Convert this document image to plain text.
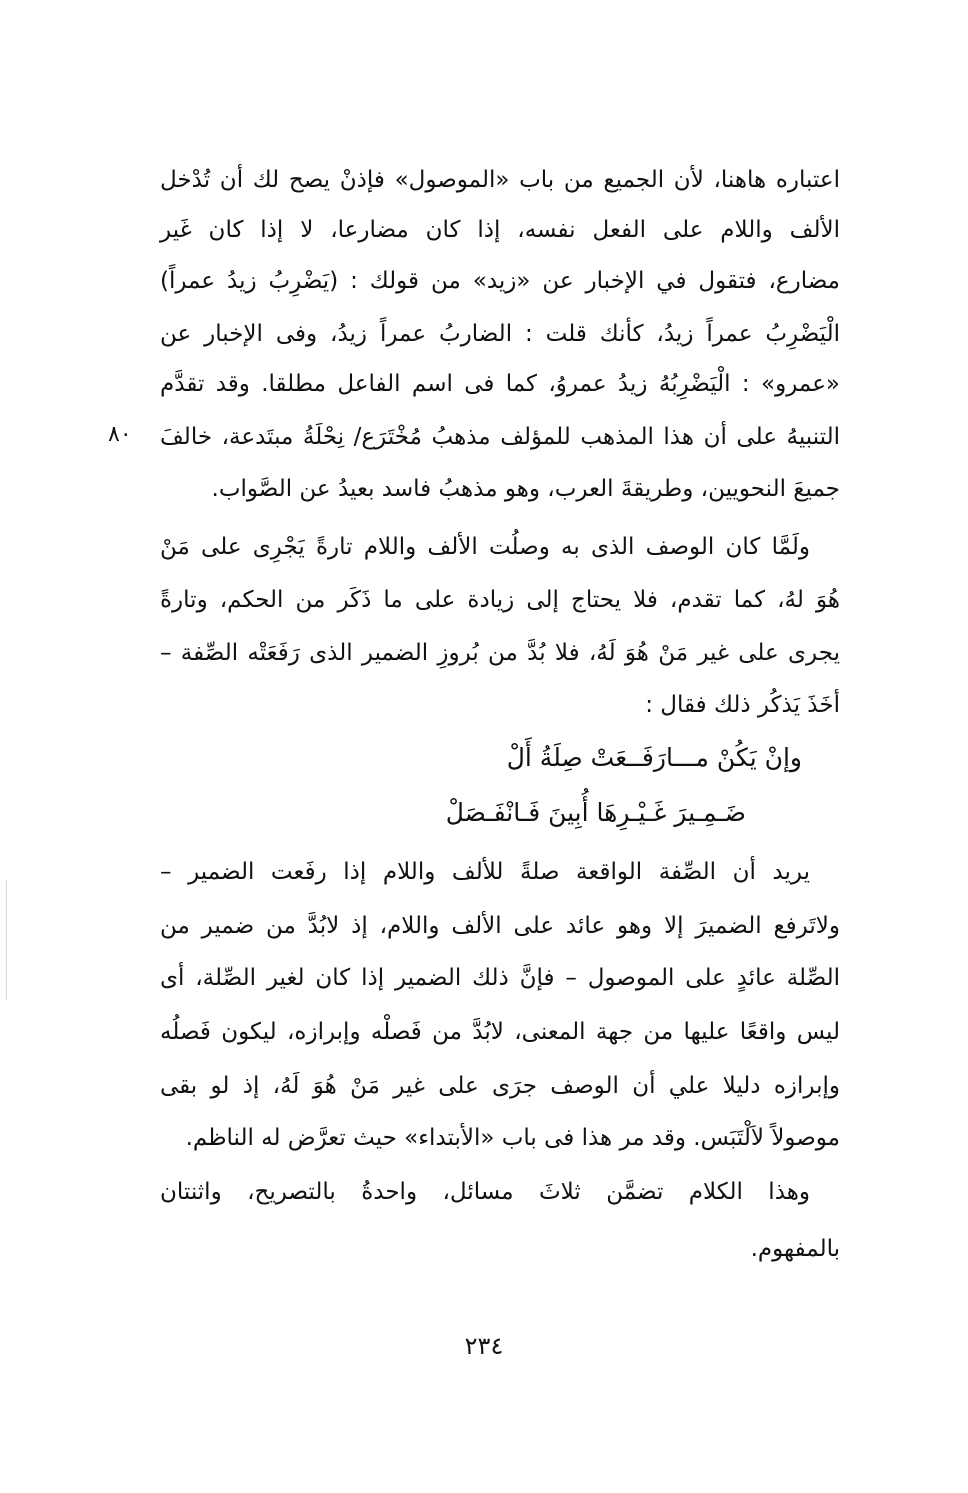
اعتباره هاهنا، لأن الجميع من باب «الموصول» فإذنْ يصح لك أن تُدْخل
الألف واللام على الفعل نفسه، إذا كان مضارعا، لا إذا كان غَير
مضارع، فتقول في الإخبار عن «زيد» من قولك : (يَضْرِبُ زيدُ عمراً)
الْيَضْرِبُ عمراً زيدُ، كأنك قلت : الضاربُ عمراً زيدُ، وفى الإخبار عن
«عمرو» : الْيَضْرِبُهُ زيدُ عمروُ، كما فى اسم الفاعل مطلقا. وقد تقدَّم
التنبيهُ على أن هذا المذهب للمؤلف مذهبُ مُخْتَرَع/ نِحْلَةُ مبتَدعة، خالفَ
جميعَ النحويين، وطريقةَ العرب، وهو مذهبُ فاسد بعيدُ عن الصَّواب.
ولَمَّا كان الوصف الذى به وصلُت الألف واللام تارةً يَجْرِى على مَنْ
هُوَ لهُ، كما تقدم، فلا يحتاج إلى زيادة على ما ذَكَر من الحكم، وتارةً
يجرى على غير مَنْ هُوَ لَهُ، فلا بُدَّ من بُروزِ الضمير الذى رَفَعَتْه الصِّفة –
أخَذَ يَذكُر ذلك فقال :
يريد أن الصِّفة الواقعة صلةً للألف واللام إذا رفَعت الضمير –
ولاتَرفع الضميرَ إلا وهو عائد على الألف واللام، إذ لابُدَّ من ضمير من
الصِّلة عائدٍ على الموصول – فإنَّ ذلك الضمير إذا كان لغير الصِّلة، أى
ليس واقعًا عليها من جهة المعنى، لابُدَّ من فَصلْه وإبرازه، ليكون فَصلُه
وإبرازه دليلا علي أن الوصف جرَى على غير مَنْ هُوَ لَهُ، إذ لو بقى
موصولاً لاَلْتَبَس. وقد مر هذا فى باب «الأبتداء» حيث تعرَّض له الناظم.
وهذا الكلام تضمَّن ثلاثَ مسائل، واحدةُ بالتصريح، واثنتان
بالمفهوم.
وإنْ يَكُنْ مـــارَفَــعَتْ صِلَةُ أَلْ
ضَـمِـيرَ غَـيْـرِهَا أُبِينَ فَـانْفَـصَلْ
٨٠
٢٣٤
